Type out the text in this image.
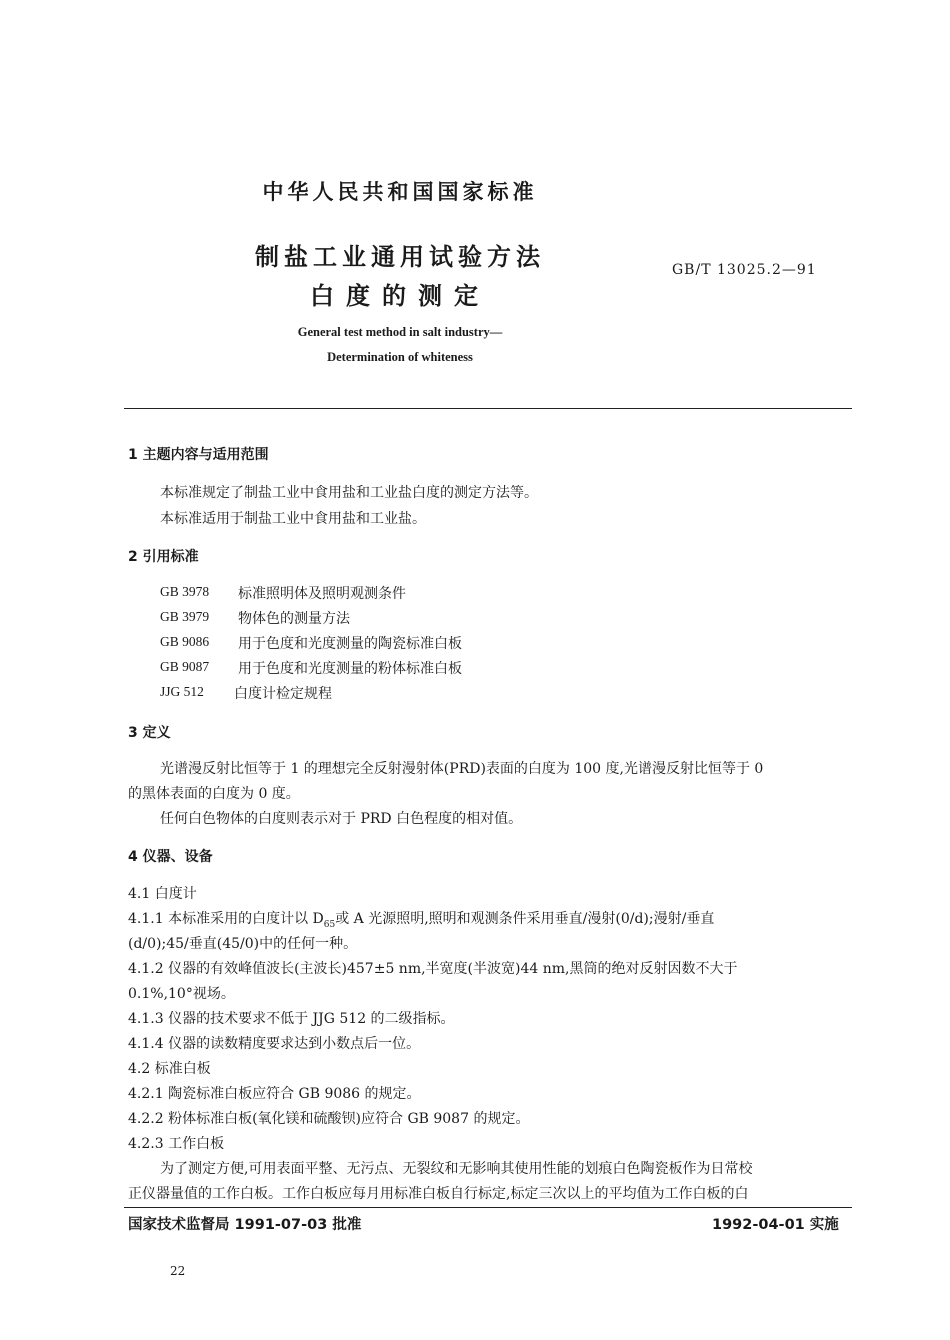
中华人民共和国国家标准
制盐工业通用试验方法
白度的测定
GB/T 13025.2—91
General test method in salt industry—
Determination of whiteness
1 主题内容与适用范围
本标准规定了制盐工业中食用盐和工业盐白度的测定方法等。
本标准适用于制盐工业中食用盐和工业盐。
2 引用标准
GB 3978 标准照明体及照明观测条件
GB 3979 物体色的测量方法
GB 9086 用于色度和光度测量的陶瓷标准白板
GB 9087 用于色度和光度测量的粉体标准白板
JJG 512 白度计检定规程
3 定义
光谱漫反射比恒等于 1 的理想完全反射漫射体(PRD)表面的白度为 100 度,光谱漫反射比恒等于 0
的黑体表面的白度为 0 度。
任何白色物体的白度则表示对于 PRD 白色程度的相对值。
4 仪器、设备
4.1 白度计
4.1.1 本标准采用的白度计以 $D_{65}$或 A 光源照明,照明和观测条件采用垂直/漫射(0/d);漫射/垂直
(d/0);45/垂直(45/0)中的任何一种。
4.1.2 仪器的有效峰值波长(主波长)457±5 nm,半宽度(半波宽)44 nm,黑筒的绝对反射因数不大于
0.1%,10°视场。
4.1.3 仪器的技术要求不低于 JJG 512 的二级指标。
4.1.4 仪器的读数精度要求达到小数点后一位。
4.2 标准白板
4.2.1 陶瓷标准白板应符合 GB 9086 的规定。
4.2.2 粉体标准白板(氧化镁和硫酸钡)应符合 GB 9087 的规定。
4.2.3 工作白板
为了测定方便,可用表面平整、无污点、无裂纹和无影响其使用性能的划痕白色陶瓷板作为日常校
正仪器量值的工作白板。工作白板应每月用标准白板自行标定,标定三次以上的平均值为工作白板的白
国家技术监督局 1991-07-03 批准	1992-04-01 实施
22
